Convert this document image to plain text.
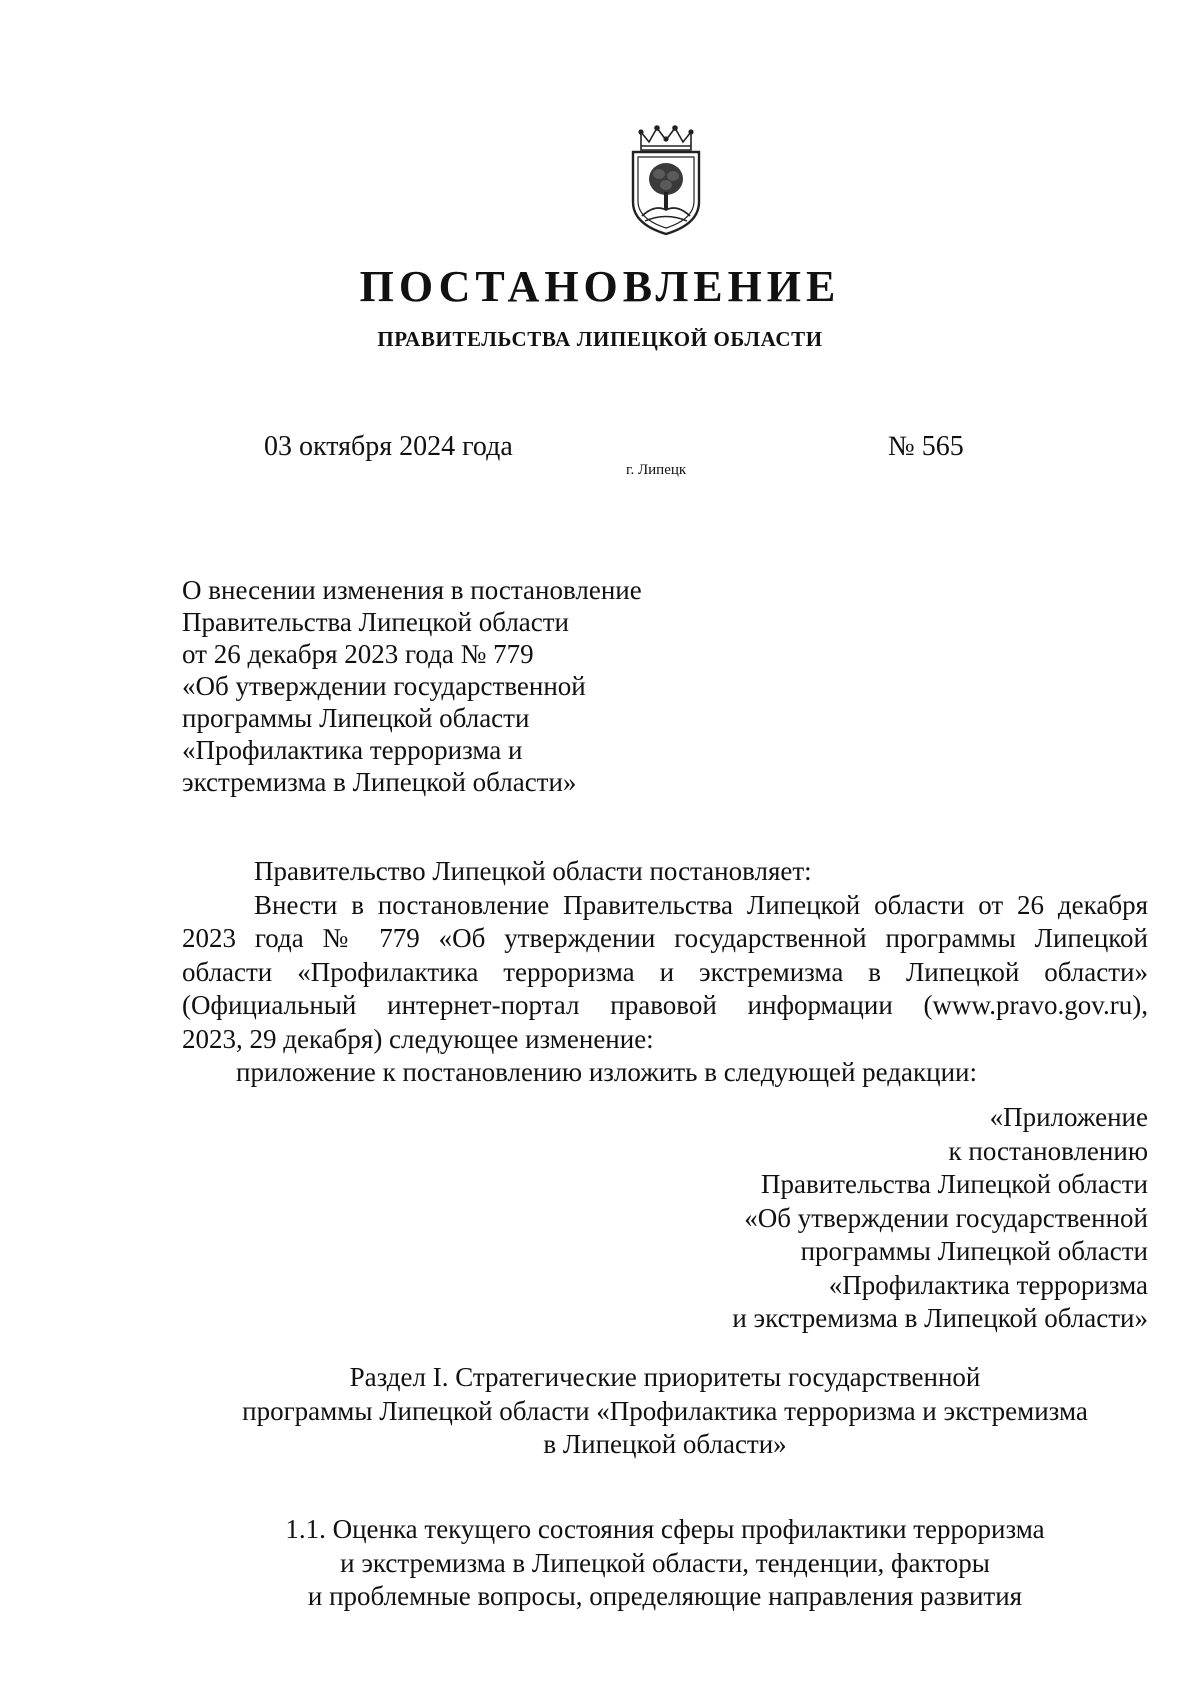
ПОСТАНОВЛЕНИЕ
ПРАВИТЕЛЬСТВА ЛИПЕЦКОЙ ОБЛАСТИ
03 октября 2024 года
г. Липецк
№ 565
О внесении изменения в постановление
Правительства Липецкой области
от 26 декабря 2023 года № 779
«Об утверждении государственной
программы Липецкой области
«Профилактика терроризма и
экстремизма в Липецкой области»
Правительство Липецкой области постановляет:
Внести в постановление Правительства Липецкой области от 26 декабря
2023 года № 779 «Об утверждении государственной программы Липецкой
области «Профилактика терроризма и экстремизма в Липецкой области»
(Официальный интернет-портал правовой информации (www.pravo.gov.ru),
2023, 29 декабря) следующее изменение:
приложение к постановлению изложить в следующей редакции:
«Приложение
к постановлению
Правительства Липецкой области
«Об утверждении государственной
программы Липецкой области
«Профилактика терроризма
и экстремизма в Липецкой области»
Раздел I. Стратегические приоритеты государственной
программы Липецкой области «Профилактика терроризма и экстремизма
в Липецкой области»
1.1. Оценка текущего состояния сферы профилактики терроризма
и экстремизма в Липецкой области, тенденции, факторы
и проблемные вопросы, определяющие направления развития
